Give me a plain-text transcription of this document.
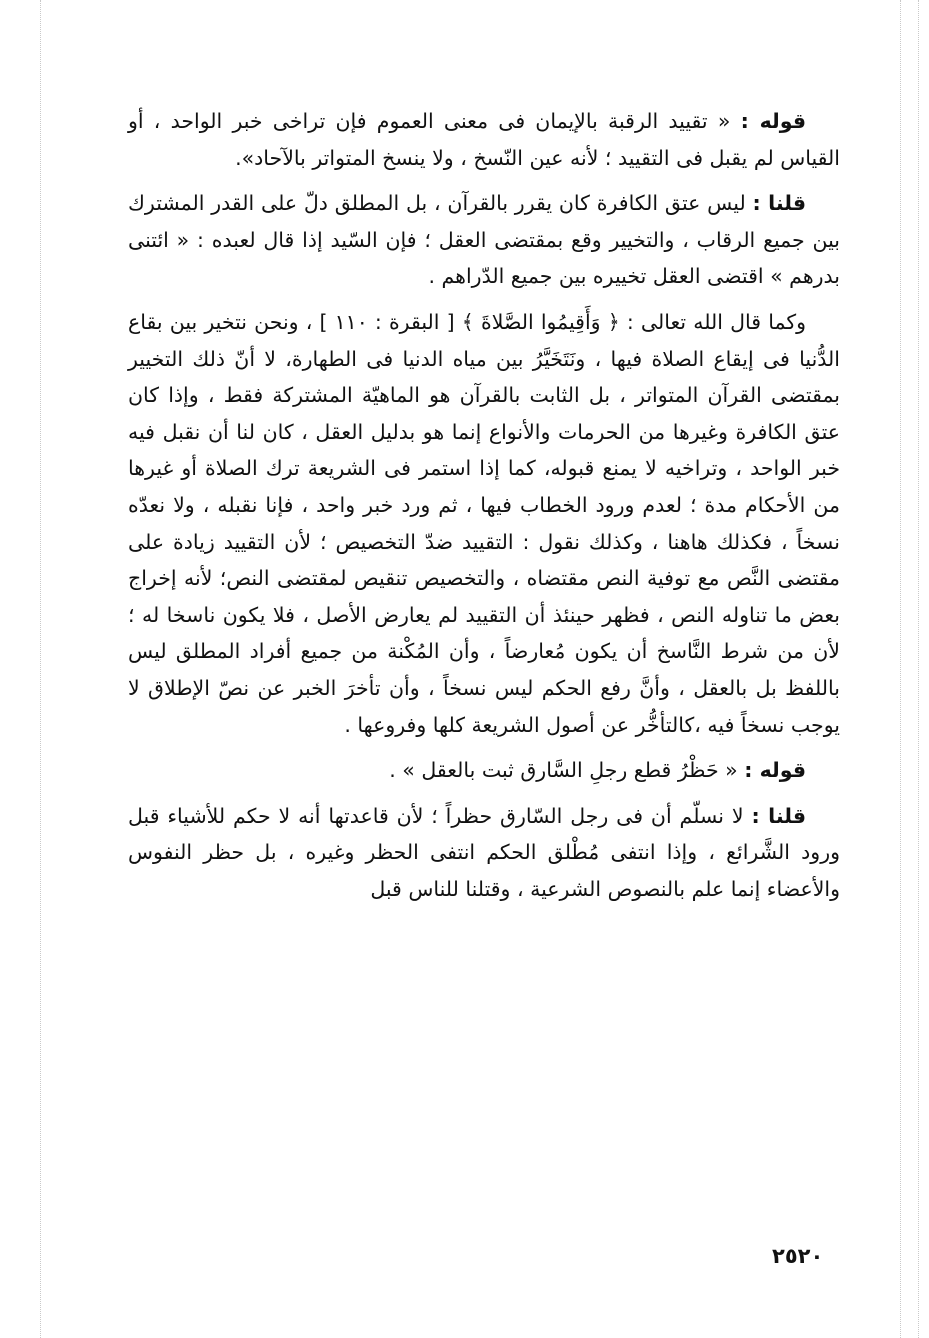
قوله : « تقييد الرقبة بالإيمان فى معنى العموم فإن تراخى خبر الواحد ، أو القياس لم يقبل فى التقييد ؛ لأنه عين النّسخ ، ولا ينسخ المتواتر بالآحاد».

قلنا : ليس عتق الكافرة كان يقرر بالقرآن ، بل المطلق دلّ على القدر المشترك بين جميع الرقاب ، والتخيير وقع بمقتضى العقل ؛ فإن السّيد إذا قال لعبده : « ائتنى بدرهم » اقتضى العقل تخييره بين جميع الدّراهم .

وكما قال الله تعالى : ﴿ وَأَقِيمُوا الصَّلاةَ ﴾ [ البقرة : ١١٠ ] ، ونحن نتخير بين بقاع الدُّنيا فى إيقاع الصلاة فيها ، ونَتَخَيَّرُ بين مياه الدنيا فى الطهارة، لا أنّ ذلك التخيير بمقتضى القرآن المتواتر ، بل الثابت بالقرآن هو الماهيّة المشتركة فقط ، وإذا كان عتق الكافرة وغيرها من الحرمات والأنواع إنما هو بدليل العقل ، كان لنا أن نقبل فيه خبر الواحد ، وتراخيه لا يمنع قبوله، كما إذا استمر فى الشريعة ترك الصلاة أو غيرها من الأحكام مدة ؛ لعدم ورود الخطاب فيها ، ثم ورد خبر واحد ، فإنا نقبله ، ولا نعدّه نسخاً ، فكذلك هاهنا ، وكذلك نقول : التقييد ضدّ التخصيص ؛ لأن التقييد زيادة على مقتضى النَّص مع توفية النص مقتضاه ، والتخصيص تنقيص لمقتضى النص؛ لأنه إخراج بعض ما تناوله النص ، فظهر حينئذ أن التقييد لم يعارض الأصل ، فلا يكون ناسخا له ؛ لأن من شرط النَّاسخ أن يكون مُعارضاً ، وأن المُكْنة من جميع أفراد المطلق ليس باللفظ بل بالعقل ، وأنَّ رفع الحكم ليس نسخاً ، وأن تأخرَ الخبر عن نصّ الإطلاق لا يوجب نسخاً فيه ،كالتأخُّر عن أصول الشريعة كلها وفروعها .

قوله : « حَظْرُ قطع رجلِ السَّارق ثبت بالعقل » .

قلنا : لا نسلّم أن فى رجل السّارق حظراً ؛ لأن قاعدتها أنه لا حكم للأشياء قبل ورود الشَّرائع ، وإذا انتفى مُطْلق الحكم انتفى الحظر وغيره ، بل حظر النفوس والأعضاء إنما علم بالنصوص الشرعية ، وقتلنا للناس قبل

٢٥٢٠
